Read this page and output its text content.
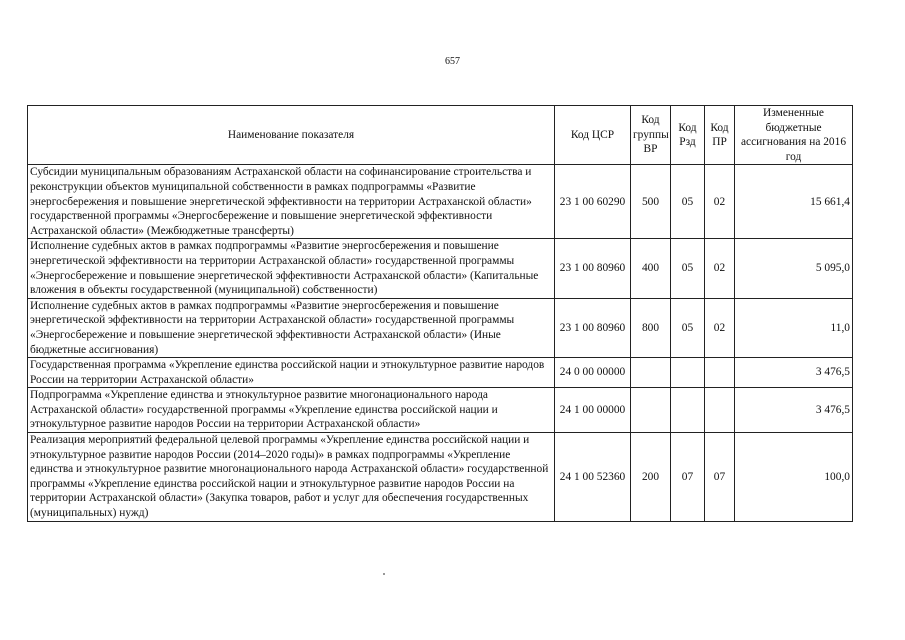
657
Наименование показателя	Код ЦСР	Код группы ВР	Код Рзд	Код ПР	Измененные бюджетные ассигнования на 2016 год
Субсидии муниципальным образованиям Астраханской области на софинансирование строительства и реконструкции объектов муниципальной собственности в рамках подпрограммы «Развитие энергосбережения и повышение энергетической эффективности на территории Астраханской области» государственной программы «Энергосбережение и повышение энергетической эффективности Астраханской области» (Межбюджетные трансферты)	23 1 00 60290	500	05	02	15 661,4
Исполнение судебных актов в рамках подпрограммы «Развитие энергосбережения и повышение энергетической эффективности на территории Астраханской области» государственной программы «Энергосбережение и повышение энергетической эффективности Астраханской области» (Капитальные вложения в объекты государственной (муниципальной) собственности)	23 1 00 80960	400	05	02	5 095,0
Исполнение судебных актов в рамках подпрограммы «Развитие энергосбережения и повышение энергетической эффективности на территории Астраханской области» государственной программы «Энергосбережение и повышение энергетической эффективности Астраханской области» (Иные бюджетные ассигнования)	23 1 00 80960	800	05	02	11,0
Государственная программа «Укрепление единства российской нации и этнокультурное развитие народов России на территории Астраханской области»	24 0 00 00000				3 476,5
Подпрограмма «Укрепление единства и этнокультурное развитие многонационального народа Астраханской области» государственной программы «Укрепление единства российской нации и этнокультурное развитие народов России на территории Астраханской области»	24 1 00 00000				3 476,5
Реализация мероприятий федеральной целевой программы «Укрепление единства российской нации и этнокультурное развитие народов России (2014–2020 годы)» в рамках подпрограммы «Укрепление единства и этнокультурное развитие многонационального народа Астраханской области» государственной программы «Укрепление единства российской нации и этнокультурное развитие народов России на территории Астраханской области» (Закупка товаров, работ и услуг для обеспечения государственных (муниципальных) нужд)	24 1 00 52360	200	07	07	100,0
